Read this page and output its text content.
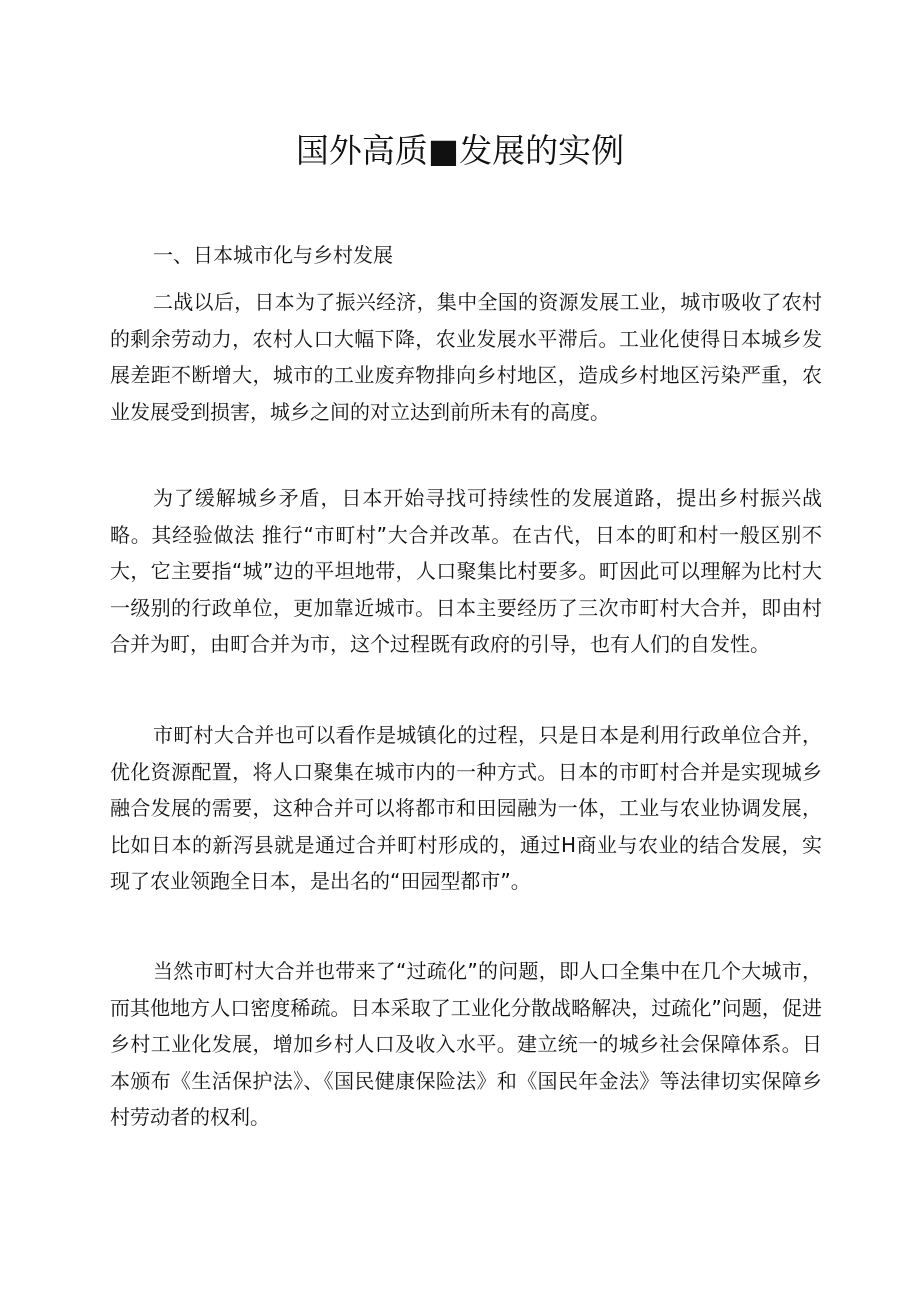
国外高质■发展的实例
一、日本城市化与乡村发展

二战以后，日本为了振兴经济，集中全国的资源发展工业，城市吸收了农村的剩余劳动力，农村人口大幅下降，农业发展水平滞后。工业化使得日本城乡发展差距不断增大，城市的工业废弃物排向乡村地区，造成乡村地区污染严重，农业发展受到损害，城乡之间的对立达到前所未有的高度。

为了缓解城乡矛盾，日本开始寻找可持续性的发展道路，提出乡村振兴战略。其经验做法 推行“市町村”大合并改革。在古代，日本的町和村一般区别不大，它主要指“城”边的平坦地带，人口聚集比村要多。町因此可以理解为比村大一级别的行政单位，更加靠近城市。日本主要经历了三次市町村大合并，即由村合并为町，由町合并为市，这个过程既有政府的引导，也有人们的自发性。

市町村大合并也可以看作是城镇化的过程，只是日本是利用行政单位合并，优化资源配置，将人口聚集在城市内的一种方式。日本的市町村合并是实现城乡融合发展的需要，这种合并可以将都市和田园融为一体，工业与农业协调发展，比如日本的新泻县就是通过合并町村形成的，通过H商业与农业的结合发展，实现了农业领跑全日本，是出名的“田园型都市”。

当然市町村大合并也带来了“过疏化”的问题，即人口全集中在几个大城市，而其他地方人口密度稀疏。日本采取了工业化分散战略解决，过疏化”问题，促进乡村工业化发展，增加乡村人口及收入水平。建立统一的城乡社会保障体系。日本颁布《生活保护法》、《国民健康保险法》和《国民年金法》等法律切实保障乡村劳动者的权利。
